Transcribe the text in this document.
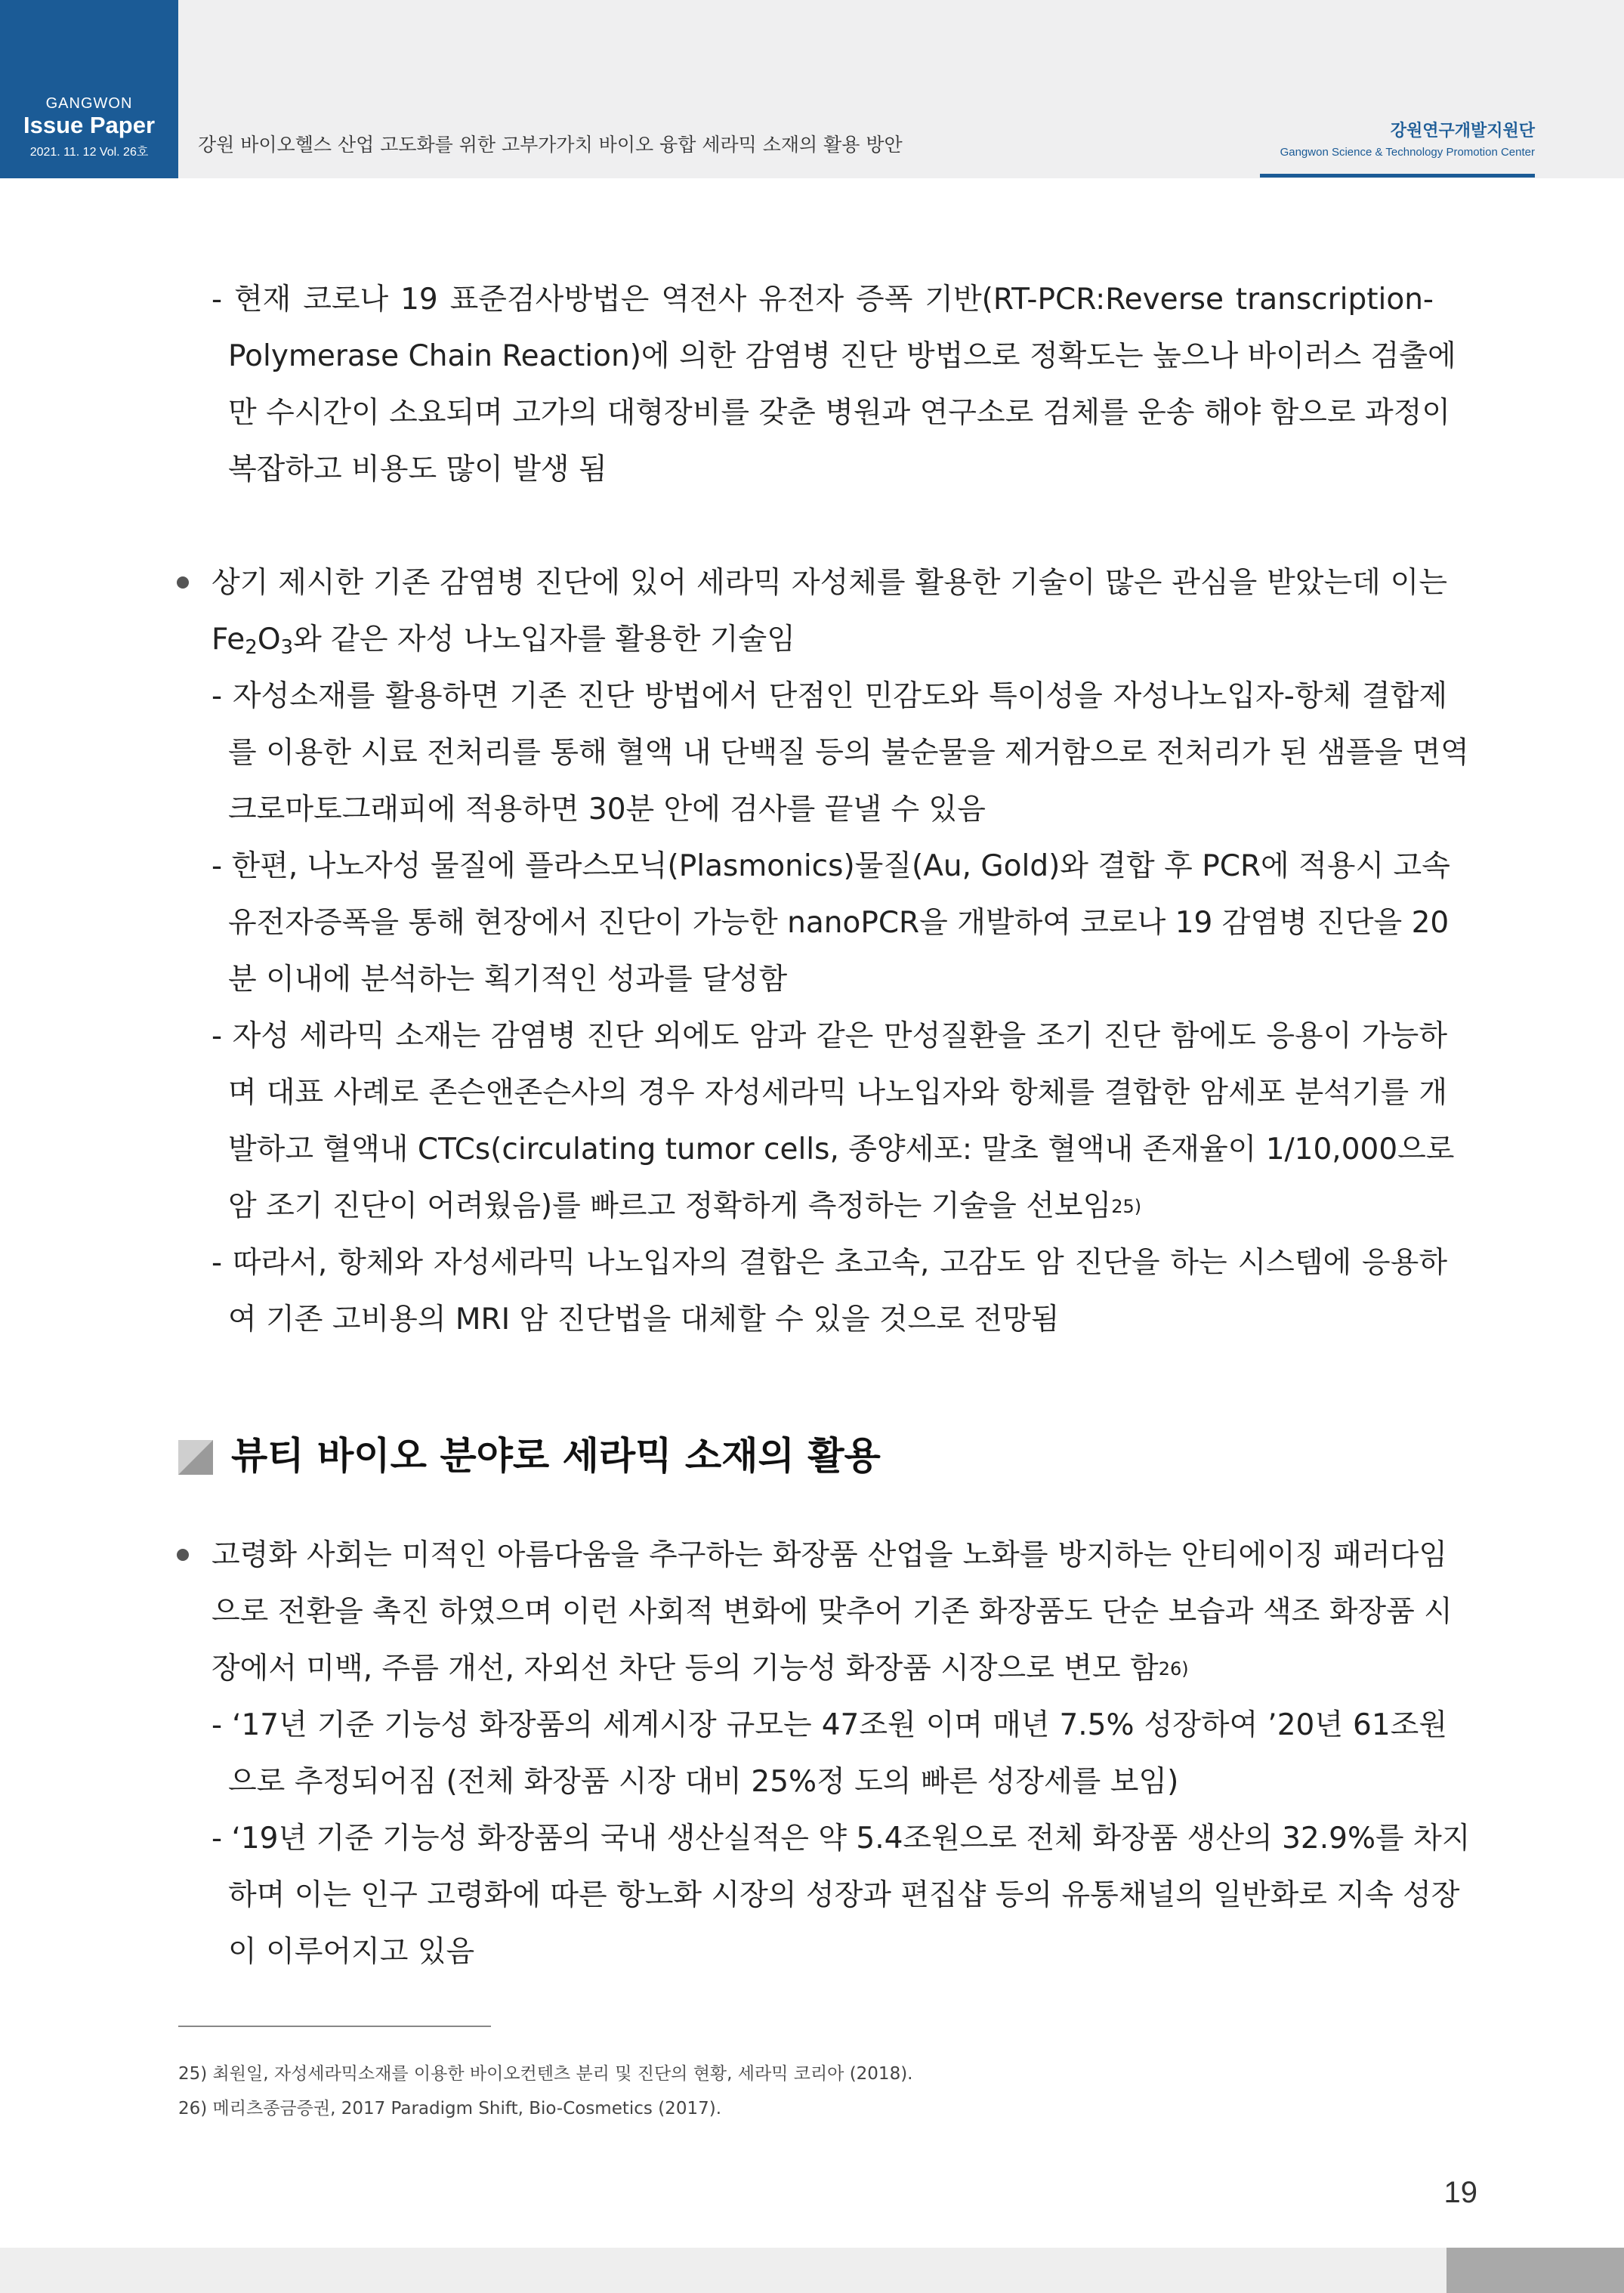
GANGWON
Issue Paper
2021. 11. 12 Vol. 26호	강원 바이오헬스 산업 고도화를 위한 고부가가치 바이오 융합 세라믹 소재의 활용 방안
강원연구개발지원단
Gangwon Science & Technology Promotion Center
- 현재 코로나 19 표준검사방법은 역전사 유전자 증폭 기반(RT-PCR:Reverse transcription-
Polymerase Chain Reaction)에 의한 감염병 진단 방법으로 정확도는 높으나 바이러스 검출에
만 수시간이 소요되며 고가의 대형장비를 갖춘 병원과 연구소로 검체를 운송 해야 함으로 과정이
복잡하고 비용도 많이 발생 됨
상기 제시한 기존 감염병 진단에 있어 세라믹 자성체를 활용한 기술이 많은 관심을 받았는데 이는
$Fe_2O_3$와 같은 자성 나노입자를 활용한 기술임
- 자성소재를 활용하면 기존 진단 방법에서 단점인 민감도와 특이성을 자성나노입자-항체 결합제
를 이용한 시료 전처리를 통해 혈액 내 단백질 등의 불순물을 제거함으로 전처리가 된 샘플을 면역
크로마토그래피에 적용하면 30분 안에 검사를 끝낼 수 있음
- 한편, 나노자성 물질에 플라스모닉(Plasmonics)물질(Au, Gold)와 결합 후 PCR에 적용시 고속
유전자증폭을 통해 현장에서 진단이 가능한 nanoPCR을 개발하여 코로나 19 감염병 진단을 20
분 이내에 분석하는 획기적인 성과를 달성함
- 자성 세라믹 소재는 감염병 진단 외에도 암과 같은 만성질환을 조기 진단 함에도 응용이 가능하
며 대표 사례로 존슨앤존슨사의 경우 자성세라믹 나노입자와 항체를 결합한 암세포 분석기를 개
발하고 혈액내 CTCs(circulating tumor cells, 종양세포: 말초 혈액내 존재율이 1/10,000으로
암 조기 진단이 어려웠음)를 빠르고 정확하게 측정하는 기술을 선보임$^{25)}$
- 따라서, 항체와 자성세라믹 나노입자의 결합은 초고속, 고감도 암 진단을 하는 시스템에 응용하
여 기존 고비용의 MRI 암 진단법을 대체할 수 있을 것으로 전망됨
뷰티 바이오 분야로 세라믹 소재의 활용
고령화 사회는 미적인 아름다움을 추구하는 화장품 산업을 노화를 방지하는 안티에이징 패러다임
으로 전환을 촉진 하였으며 이런 사회적 변화에 맞추어 기존 화장품도 단순 보습과 색조 화장품 시
장에서 미백, 주름 개선, 자외선 차단 등의 기능성 화장품 시장으로 변모 함$^{26)}$
- ‘17년 기준 기능성 화장품의 세계시장 규모는 47조원 이며 매년 7.5% 성장하여 ’20년 61조원
으로 추정되어짐 (전체 화장품 시장 대비 25%정 도의 빠른 성장세를 보임)
- ‘19년 기준 기능성 화장품의 국내 생산실적은 약 5.4조원으로 전체 화장품 생산의 32.9%를 차지
하며 이는 인구 고령화에 따른 항노화 시장의 성장과 편집샵 등의 유통채널의 일반화로 지속 성장
이 이루어지고 있음
25) 최원일, 자성세라믹소재를 이용한 바이오컨텐츠 분리 및 진단의 현황, 세라믹 코리아 (2018).
26) 메리츠종금증권, 2017 Paradigm Shift, Bio-Cosmetics (2017).
19
